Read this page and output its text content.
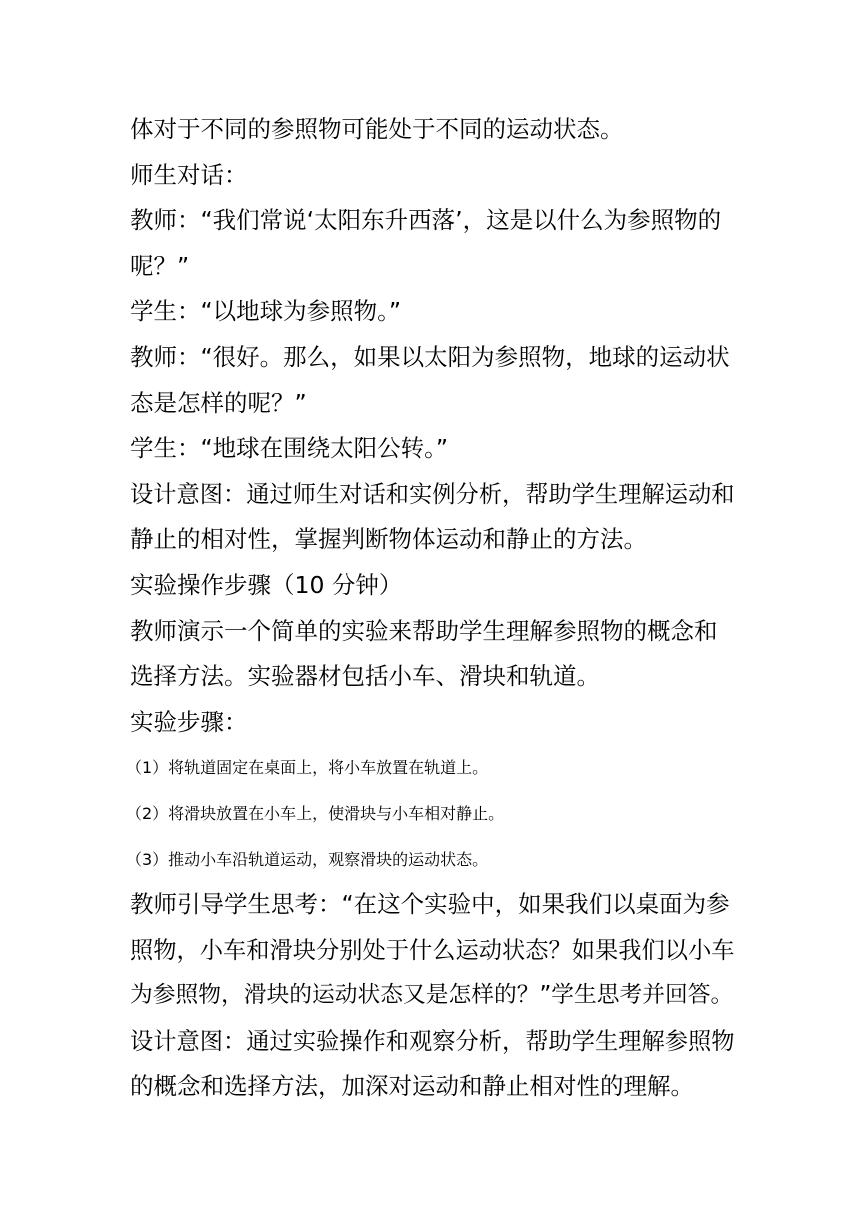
体对于不同的参照物可能处于不同的运动状态。
师生对话：
教师：“我们常说‘太阳东升西落’，这是以什么为参照物的
呢？”
学生：“以地球为参照物。”
教师：“很好。那么，如果以太阳为参照物，地球的运动状
态是怎样的呢？”
学生：“地球在围绕太阳公转。”
设计意图：通过师生对话和实例分析，帮助学生理解运动和
静止的相对性，掌握判断物体运动和静止的方法。
实验操作步骤（10 分钟）
教师演示一个简单的实验来帮助学生理解参照物的概念和
选择方法。实验器材包括小车、滑块和轨道。
实验步骤：
（1）将轨道固定在桌面上，将小车放置在轨道上。
（2）将滑块放置在小车上，使滑块与小车相对静止。
（3）推动小车沿轨道运动，观察滑块的运动状态。
教师引导学生思考：“在这个实验中，如果我们以桌面为参
照物，小车和滑块分别处于什么运动状态？如果我们以小车
为参照物，滑块的运动状态又是怎样的？”学生思考并回答。
设计意图：通过实验操作和观察分析，帮助学生理解参照物
的概念和选择方法，加深对运动和静止相对性的理解。
